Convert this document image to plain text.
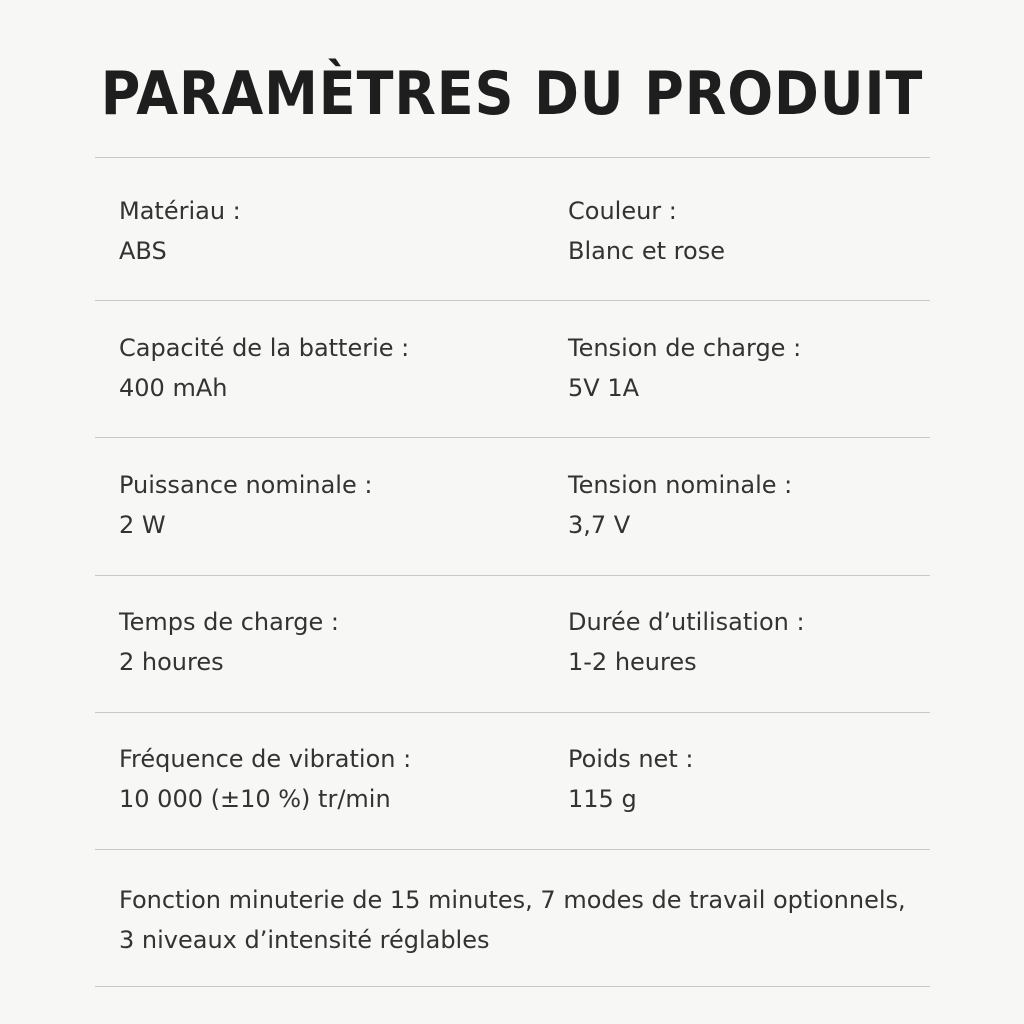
PARAMÈTRES DU PRODUIT
Matériau :
ABS
Couleur :
Blanc et rose
Capacité de la batterie :
400 mAh
Tension de charge :
5V 1A
Puissance nominale :
2 W
Tension nominale :
3,7 V
Temps de charge :
2 houres
Durée d’utilisation :
1-2 heures
Fréquence de vibration :
10 000 (±10 %) tr/min
Poids net :
115 g
Fonction minuterie de 15 minutes, 7 modes de travail optionnels,
3 niveaux d’intensité réglables
